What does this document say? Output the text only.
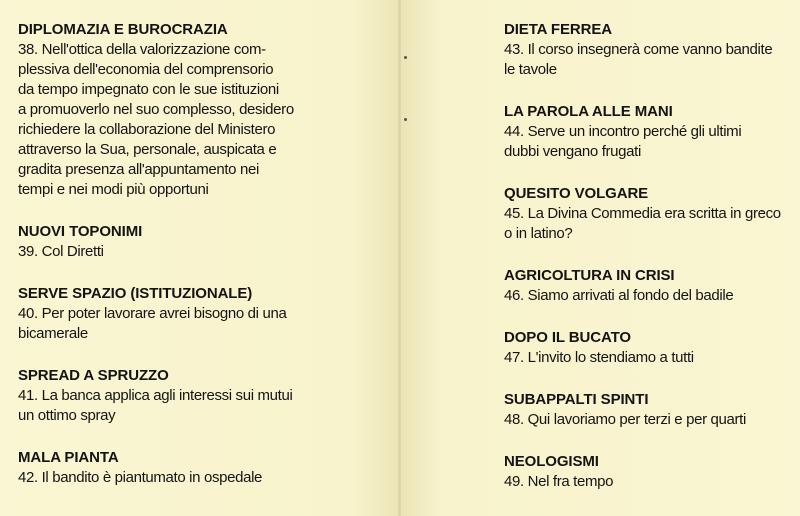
DIPLOMAZIA E BUROCRAZIA
38. Nell'ottica della valorizzazione com-
plessiva dell'economia del comprensorio
da tempo impegnato con le sue istituzioni
a promuoverlo nel suo complesso, desidero
richiedere la collaborazione del Ministero
attraverso la Sua, personale, auspicata e
gradita presenza all'appuntamento nei
tempi e nei modi più opportuni
NUOVI TOPONIMI
39. Col Diretti
SERVE SPAZIO (ISTITUZIONALE)
40. Per poter lavorare avrei bisogno di una
bicamerale
SPREAD A SPRUZZO
41. La banca applica agli interessi sui mutui
un ottimo spray
MALA PIANTA
42. Il bandito è piantumato in ospedale
DIETA FERREA
43. Il corso insegnerà come vanno bandite
le tavole
LA PAROLA ALLE MANI
44. Serve un incontro perché gli ultimi
dubbi vengano frugati
QUESITO VOLGARE
45. La Divina Commedia era scritta in greco
o in latino?
AGRICOLTURA IN CRISI
46. Siamo arrivati al fondo del badile
DOPO IL BUCATO
47. L'invito lo stendiamo a tutti
SUBAPPALTI SPINTI
48. Qui lavoriamo per terzi e per quarti
NEOLOGISMI
49. Nel fra tempo
